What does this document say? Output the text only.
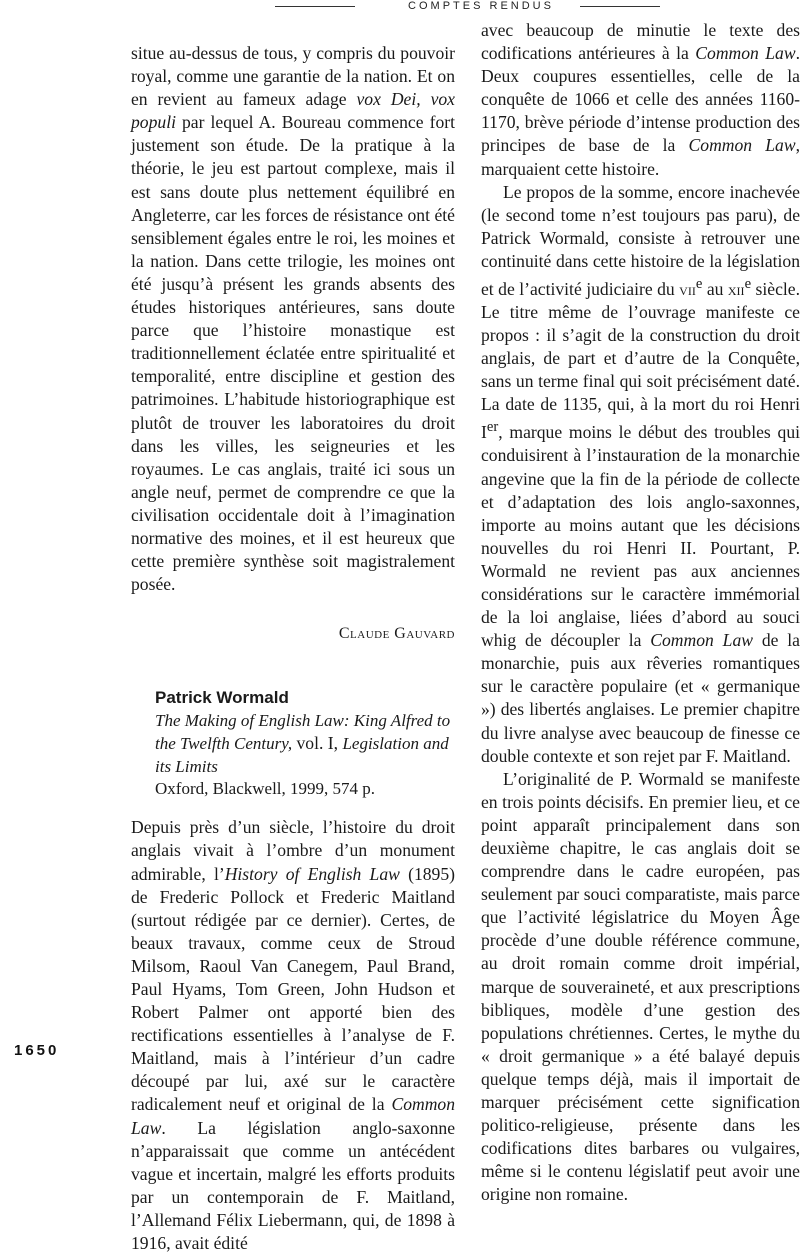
COMPTES RENDUS

situe au-dessus de tous, y compris du pouvoir royal, comme une garantie de la nation. Et on en revient au fameux adage vox Dei, vox populi par lequel A. Boureau commence fort justement son étude. De la pratique à la théorie, le jeu est partout complexe, mais il est sans doute plus nettement équilibré en Angleterre, car les forces de résistance ont été sensiblement égales entre le roi, les moines et la nation. Dans cette trilogie, les moines ont été jusqu’à présent les grands absents des études historiques antérieures, sans doute parce que l’histoire monastique est traditionnellement éclatée entre spiritualité et temporalité, entre discipline et gestion des patrimoines. L’habitude historiographique est plutôt de trouver les laboratoires du droit dans les villes, les seigneuries et les royaumes. Le cas anglais, traité ici sous un angle neuf, permet de comprendre ce que la civilisation occidentale doit à l’imagination normative des moines, et il est heureux que cette première synthèse soit magistralement posée.

Claude Gauvard
Patrick Wormald
The Making of English Law: King Alfred to the Twelfth Century, vol. I, Legislation and its Limits
Oxford, Blackwell, 1999, 574 p.

Depuis près d’un siècle, l’histoire du droit anglais vivait à l’ombre d’un monument admirable, l’History of English Law (1895) de Frederic Pollock et Frederic Maitland (surtout rédigée par ce dernier). Certes, de beaux travaux, comme ceux de Stroud Milsom, Raoul Van Canegem, Paul Brand, Paul Hyams, Tom Green, John Hudson et Robert Palmer ont apporté bien des rectifications essentielles à l’analyse de F. Maitland, mais à l’intérieur d’un cadre découpé par lui, axé sur le caractère radicalement neuf et original de la Common Law. La législation anglo-saxonne n’apparaissait que comme un antécédent vague et incertain, malgré les efforts produits par un contemporain de F. Maitland, l’Allemand Félix Liebermann, qui, de 1898 à 1916, avait édité

avec beaucoup de minutie le texte des codifications antérieures à la Common Law. Deux coupures essentielles, celle de la conquête de 1066 et celle des années 1160-1170, brève période d’intense production des principes de base de la Common Law, marquaient cette histoire.

Le propos de la somme, encore inachevée (le second tome n’est toujours pas paru), de Patrick Wormald, consiste à retrouver une continuité dans cette histoire de la législation et de l’activité judiciaire du vii$^e$ au xii$^e$ siècle. Le titre même de l’ouvrage manifeste ce propos : il s’agit de la construction du droit anglais, de part et d’autre de la Conquête, sans un terme final qui soit précisément daté. La date de 1135, qui, à la mort du roi Henri Ier, marque moins le début des troubles qui conduisirent à l’instauration de la monarchie angevine que la fin de la période de collecte et d’adaptation des lois anglo-saxonnes, importe au moins autant que les décisions nouvelles du roi Henri II. Pourtant, P. Wormald ne revient pas aux anciennes considérations sur le caractère immémorial de la loi anglaise, liées d’abord au souci whig de découpler la Common Law de la monarchie, puis aux rêveries romantiques sur le caractère populaire (et « germanique ») des libertés anglaises. Le premier chapitre du livre analyse avec beaucoup de finesse ce double contexte et son rejet par F. Maitland.

L’originalité de P. Wormald se manifeste en trois points décisifs. En premier lieu, et ce point apparaît principalement dans son deuxième chapitre, le cas anglais doit se comprendre dans le cadre européen, pas seulement par souci comparatiste, mais parce que l’activité législatrice du Moyen Âge procède d’une double référence commune, au droit romain comme droit impérial, marque de souveraineté, et aux prescriptions bibliques, modèle d’une gestion des populations chrétiennes. Certes, le mythe du « droit germanique » a été balayé depuis quelque temps déjà, mais il importait de marquer précisément cette signification politico-religieuse, présente dans les codifications dites barbares ou vulgaires, même si le contenu législatif peut avoir une origine non romaine.

1650
